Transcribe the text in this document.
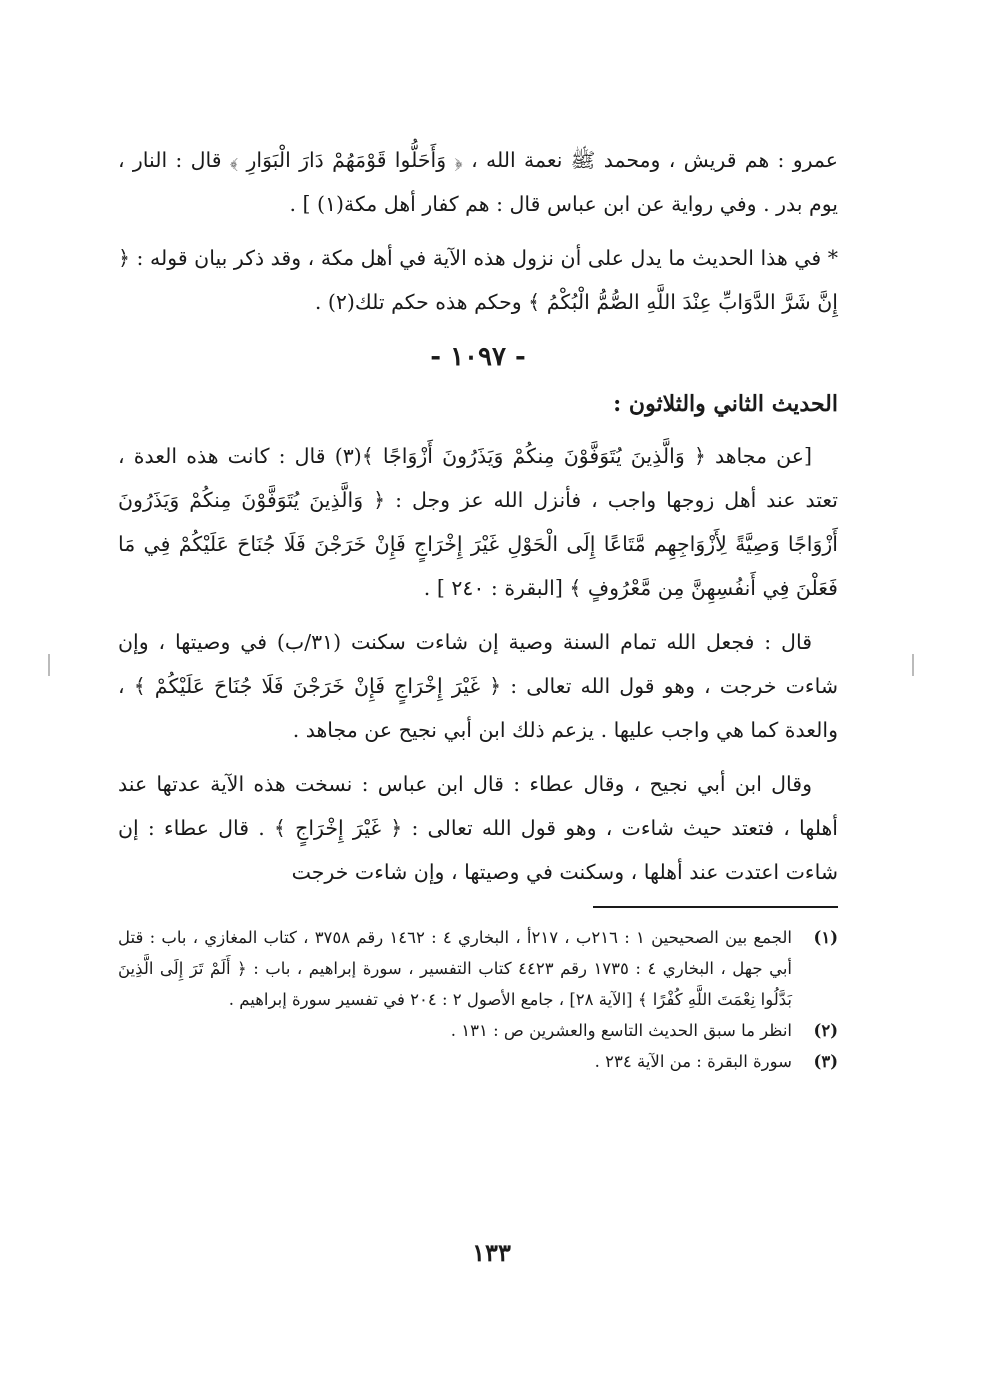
عمرو : هم قريش ، ومحمد ﷺ نعمة الله ، ﴿ وَأَحَلُّوا قَوْمَهُمْ دَارَ الْبَوَارِ ﴾ قال : النار ، يوم بدر . وفي رواية عن ابن عباس قال : هم كفار أهل مكة(١) ] .

* في هذا الحديث ما يدل على أن نزول هذه الآية في أهل مكة ، وقد ذكر بيان قوله : ﴿ إِنَّ شَرَّ الدَّوَابِّ عِنْدَ اللَّهِ الصُّمُّ الْبُكْمُ ﴾ وحكم هذه حكم تلك(٢) .

- ١٠٩٧ -
الحديث الثاني والثلاثون :

[عن مجاهد ﴿ وَالَّذِينَ يُتَوَفَّوْنَ مِنكُمْ وَيَذَرُونَ أَزْوَاجًا ﴾(٣) قال : كانت هذه العدة ، تعتد عند أهل زوجها واجب ، فأنزل الله عز وجل : ﴿ وَالَّذِينَ يُتَوَفَّوْنَ مِنكُمْ وَيَذَرُونَ أَزْوَاجًا وَصِيَّةً لِأَزْوَاجِهِم مَّتَاعًا إِلَى الْحَوْلِ غَيْرَ إِخْرَاجٍ فَإِنْ خَرَجْنَ فَلَا جُنَاحَ عَلَيْكُمْ فِي مَا فَعَلْنَ فِي أَنفُسِهِنَّ مِن مَّعْرُوفٍ ﴾ [البقرة : ٢٤٠ ] .

قال : فجعل الله تمام السنة وصية إن شاءت سكنت (٣١/ب) في وصيتها ، وإن شاءت خرجت ، وهو قول الله تعالى : ﴿ غَيْرَ إِخْرَاجٍ فَإِنْ خَرَجْنَ فَلَا جُنَاحَ عَلَيْكُمْ ﴾ ، والعدة كما هي واجب عليها . يزعم ذلك ابن أبي نجيح عن مجاهد .

وقال ابن أبي نجيح ، وقال عطاء : قال ابن عباس : نسخت هذه الآية عدتها عند أهلها ، فتعتد حيث شاءت ، وهو قول الله تعالى : ﴿ غَيْرَ إِخْرَاجٍ ﴾ . قال عطاء : إن شاءت اعتدت عند أهلها ، وسكنت في وصيتها ، وإن شاءت خرجت

(١)
الجمع بين الصحيحين ١ : ٢١٦ب ، ٢١٧أ ، البخاري ٤ : ١٤٦٢ رقم ٣٧٥٨ ، كتاب المغازي ، باب : قتل أبي جهل ، البخاري ٤ : ١٧٣٥ رقم ٤٤٢٣ كتاب التفسير ، سورة إبراهيم ، باب : ﴿ أَلَمْ تَرَ إِلَى الَّذِينَ بَدَّلُوا نِعْمَتَ اللَّهِ كُفْرًا ﴾ [الآية ٢٨] ، جامع الأصول ٢ : ٢٠٤ في تفسير سورة إبراهيم .
(٢)
انظر ما سبق الحديث التاسع والعشرين ص : ١٣١ .
(٣)
سورة البقرة : من الآية ٢٣٤ .
١٣٣
